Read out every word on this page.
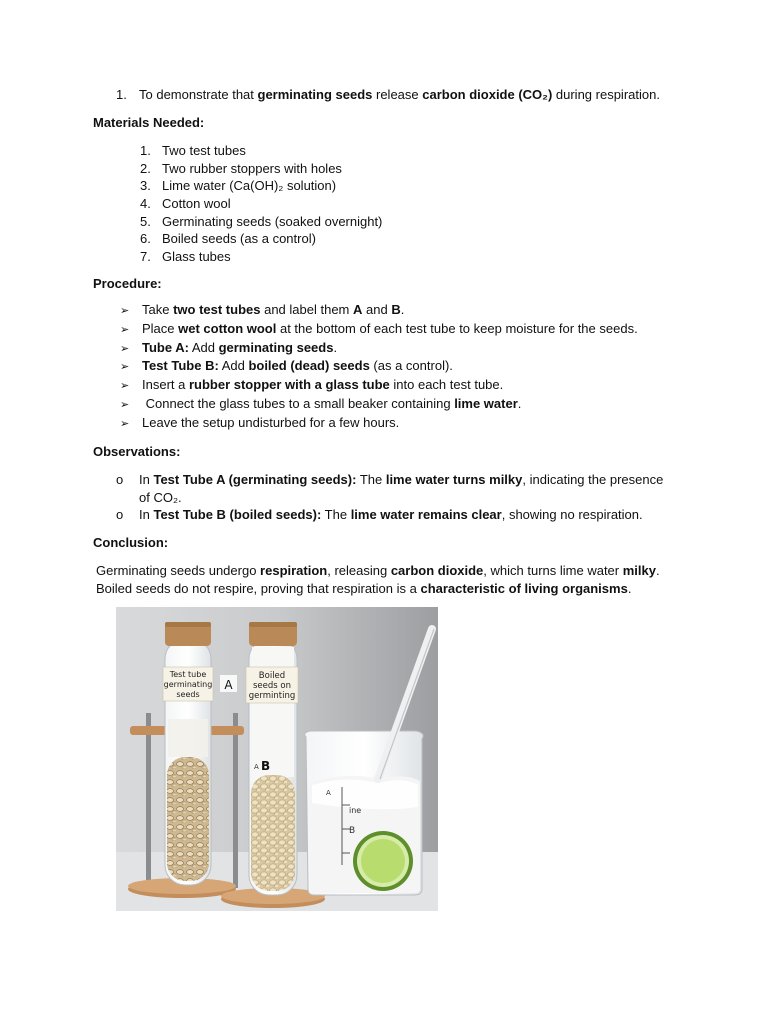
1. To demonstrate that germinating seeds release carbon dioxide (CO₂) during respiration.
Materials Needed:
1. Two test tubes
2. Two rubber stoppers with holes
3. Lime water (Ca(OH)₂ solution)
4. Cotton wool
5. Germinating seeds (soaked overnight)
6. Boiled seeds (as a control)
7. Glass tubes
Procedure:
➢ Take two test tubes and label them A and B.
➢ Place wet cotton wool at the bottom of each test tube to keep moisture for the seeds.
➢ Tube A: Add germinating seeds.
➢ Test Tube B: Add boiled (dead) seeds (as a control).
➢ Insert a rubber stopper with a glass tube into each test tube.
➢ Connect the glass tubes to a small beaker containing lime water.
➢ Leave the setup undisturbed for a few hours.
Observations:
o In Test Tube A (germinating seeds): The lime water turns milky, indicating the presence of CO₂.
o In Test Tube B (boiled seeds): The lime water remains clear, showing no respiration.
Conclusion:
Germinating seeds undergo respiration, releasing carbon dioxide, which turns lime water milky.
Boiled seeds do not respire, proving that respiration is a characteristic of living organisms.
Test tube
germinating
seeds
A
Boiled
seeds on
germinting
A B
A
ine
B
